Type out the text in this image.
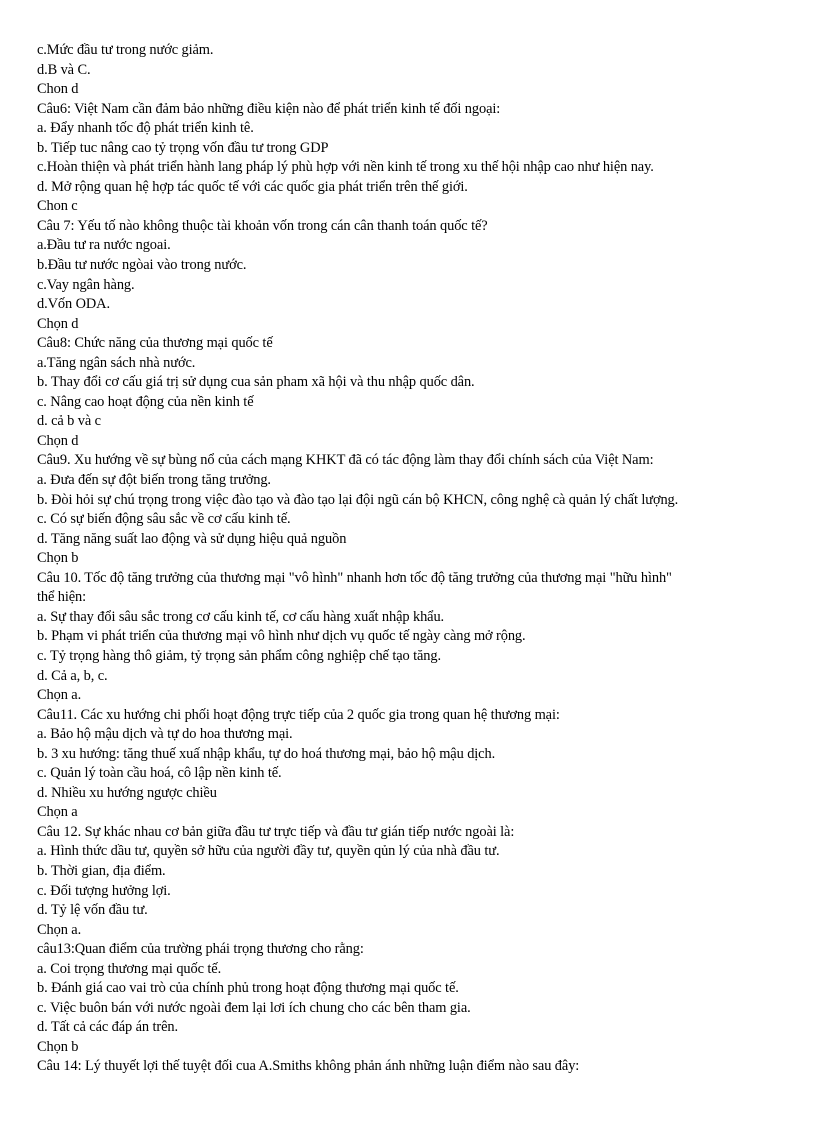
c.Mức đầu tư trong nước giảm.
d.B và C.
Chon d
Câu6: Việt Nam cần đảm bảo những điều kiện nào để phát triển kinh tế đối ngoại:
a. Đẩy nhanh tốc độ phát triển kinh tê.
b. Tiếp tuc nâng cao tỷ trọng vốn đầu tư trong GDP
c.Hoàn thiện và phát triển hành lang pháp lý phù hợp với nền kinh tế trong xu thế hội nhập cao như hiện nay.
d. Mở rộng quan hệ hợp tác quốc tế với các quốc gia phát triển trên thế giới.
Chon c
Câu 7: Yếu tố nào không thuộc tài khoản vốn trong cán cân thanh toán quốc tế?
a.Đầu tư ra nước ngoai.
b.Đầu tư nước ngòai vào trong nước.
c.Vay ngân hàng.
d.Vốn ODA.
Chọn d
Câu8: Chức năng của thương mại quốc tế
a.Tăng ngân sách nhà nước.
b. Thay đổi cơ cấu giá trị sử dụng cua sản pham xã hội và thu nhập quốc dân.
c. Nâng cao hoạt động của nền kinh tế
d. cả b và c
Chọn d
Câu9. Xu hướng về sự bùng nổ của cách mạng KHKT đã có tác động làm thay đổi chính sách của Việt Nam:
a. Đưa đến sự đột biến trong tăng trưởng.
b. Đòi hỏi sự chú trọng trong việc đào tạo và đào tạo lại đội ngũ cán bộ KHCN, công nghệ cà quản lý chất lượng.
c. Có sự biến động sâu sắc về cơ cấu kinh tế.
d. Tăng năng suất lao động và sử dụng hiệu quả nguồn
Chọn b
Câu 10. Tốc độ tăng trưởng của thương mại "vô hình" nhanh hơn tốc độ tăng trưởng của thương mại "hữu hình"
thể hiện:
a. Sự thay đổi sâu sắc trong cơ cấu kinh tế, cơ cấu hàng xuất nhập khẩu.
b. Phạm vi phát triển của thương mại vô hình như dịch vụ quốc tế ngày càng mở rộng.
c. Tỷ trọng hàng thô giảm, tỷ trọng sản phẩm công nghiệp chế tạo tăng.
d. Cả a, b, c.
Chọn a.
Câu11. Các xu hướng chi phối hoạt động trực tiếp của 2 quốc gia trong quan hệ thương mại:
a. Bảo hộ mậu dịch và tự do hoa thương mại.
b. 3 xu hướng: tăng thuế xuấ nhập khẩu, tự do hoá thương mại, bảo hộ mậu dịch.
c. Quản lý toàn cầu hoá, cô lập nền kinh tế.
d. Nhiều xu hướng ngược chiều
Chọn a
Câu 12. Sự khác nhau cơ bản giữa đầu tư trực tiếp và đầu tư gián tiếp nước ngoài là:
a. Hình thức dầu tư, quyền sở hữu của người đầy tư, quyền qủn lý của nhà đầu tư.
b. Thời gian, địa điểm.
c. Đối tượng hưởng lợi.
d. Tỷ lệ vốn đầu tư.
Chọn a.
câu13:Quan điểm của trường phái trọng thương cho rằng:
a. Coi trọng thương mại quốc tế.
b. Đánh giá cao vai trò của chính phủ trong hoạt động thương mại quốc tế.
c. Việc buôn bán với nước ngoài đem lại lơi ích chung cho các bên tham gia.
d. Tất cả các đáp án trên.
Chọn b
Câu 14: Lý thuyết lợi thế tuyệt đối cua A.Smiths không phản ánh những luận điểm nào sau đây:
